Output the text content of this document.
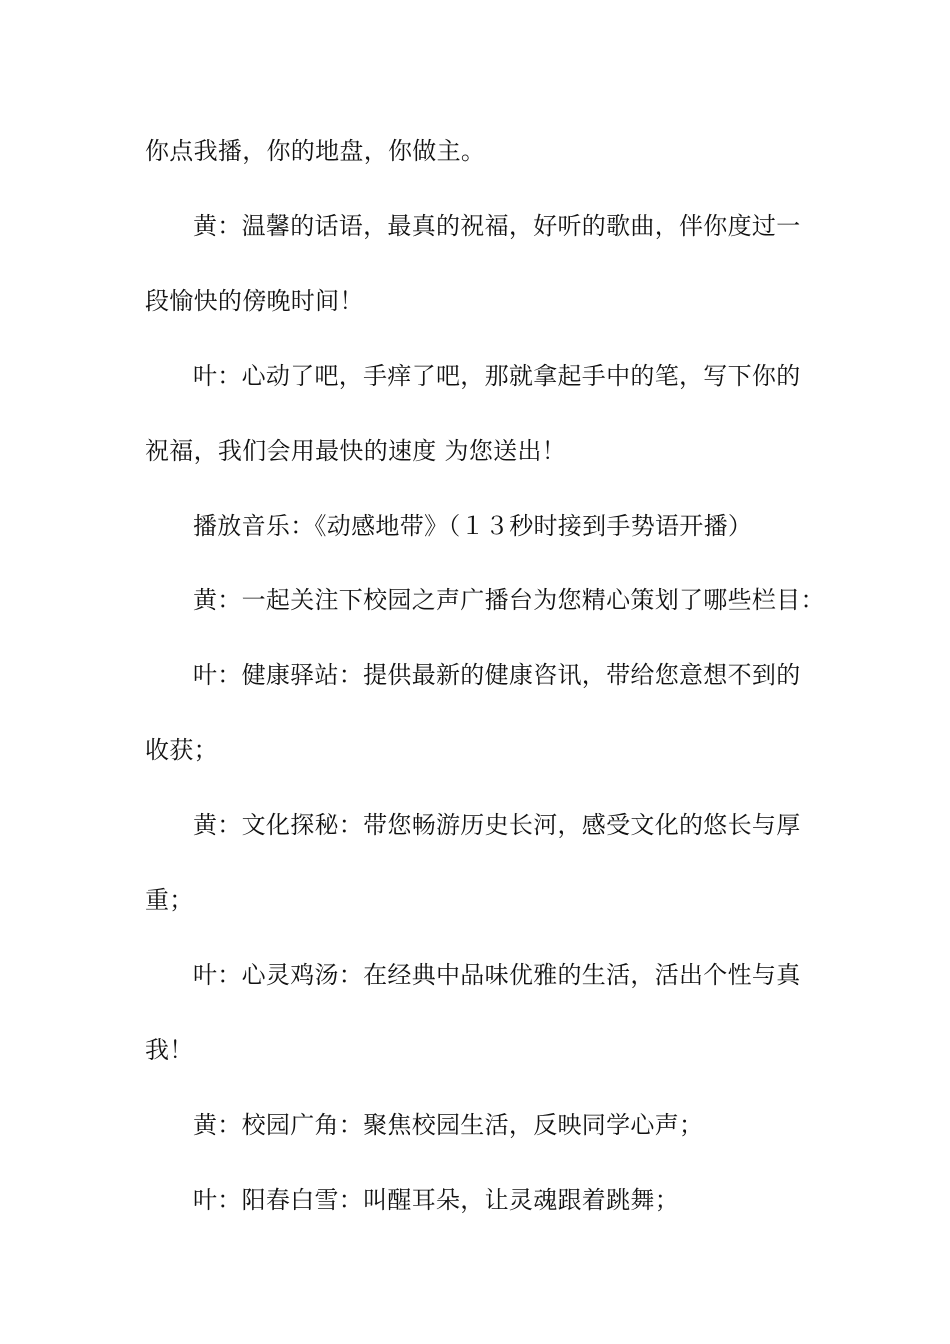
你点我播，你的地盘，你做主。
黄：温馨的话语，最真的祝福，好听的歌曲，伴你度过一
段愉快的傍晚时间！
叶：心动了吧，手痒了吧，那就拿起手中的笔，写下你的
祝福，我们会用最快的速度 为您送出！
播放音乐：《动感地带》（１３秒时接到手势语开播）
黄：一起关注下校园之声广播台为您精心策划了哪些栏目：
叶：健康驿站：提供最新的健康咨讯，带给您意想不到的
收获；
黄：文化探秘：带您畅游历史长河，感受文化的悠长与厚
重；
叶：心灵鸡汤：在经典中品味优雅的生活，活出个性与真
我！
黄：校园广角：聚焦校园生活，反映同学心声；
叶：阳春白雪：叫醒耳朵，让灵魂跟着跳舞；
